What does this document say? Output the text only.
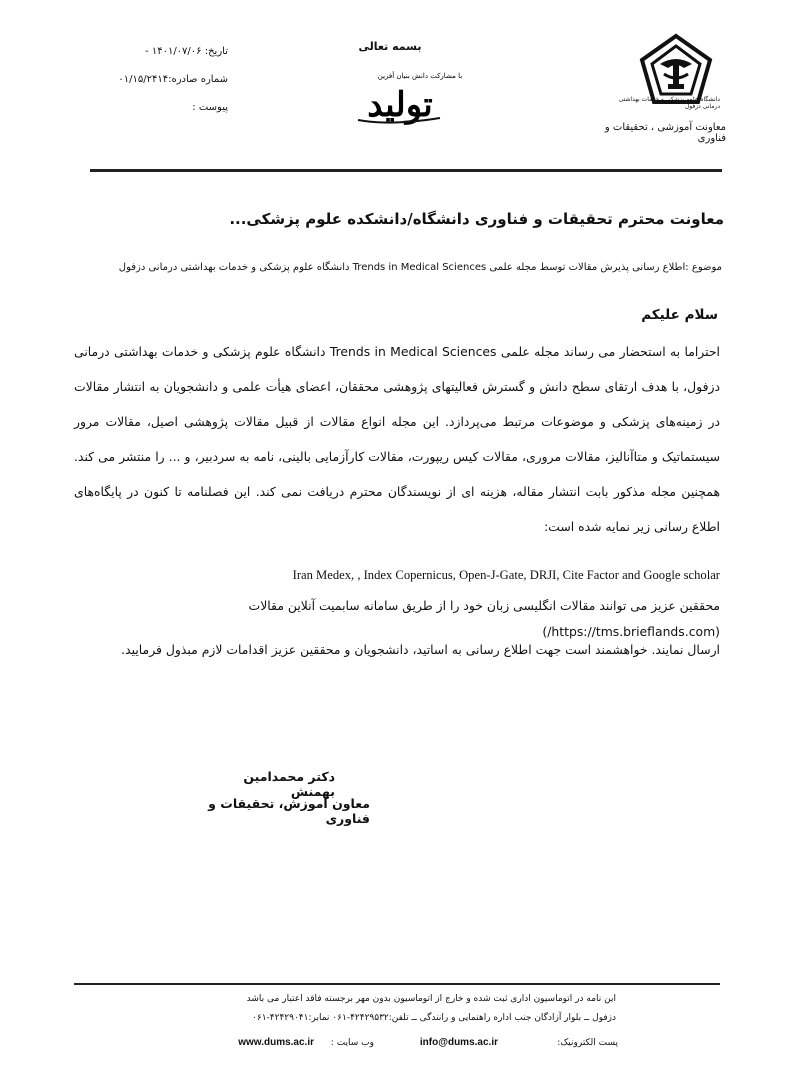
تاریخ: ۱۴۰۱/۰۷/۰۶ -
شماره صادره:۰۱/۱۵/۲۴۱۴
پیوست :
بسمه تعالی
با مشارکت دانش بنیان آفرین
تولید	دانشگاه علوم پزشکی و خدمات بهداشتی درمانی دزفول
معاونت آموزشی ، تحقیقات و فناوری
معاونت محترم تحقیقات و فناوری دانشگاه/دانشکده علوم پزشکی...
موضوع :اطلاع رسانی پذیرش مقالات توسط مجله علمی Trends in Medical Sciences دانشگاه علوم پزشکی و خدمات بهداشتی درمانی دزفول
سلام علیکم

احتراما به استحضار می رساند مجله علمی Trends in Medical Sciences دانشگاه علوم پزشکی و خدمات بهداشتی درمانی دزفول، با هدف ارتقای سطح دانش و گسترش فعالیتهای پژوهشی محققان، اعضای هیأت علمی و دانشجویان به انتشار مقالات در زمینه‌های پزشکی و موضوعات مرتبط می‌پردازد. این مجله انواع مقالات از قبیل مقالات پژوهشی اصیل، مقالات مرور سیستماتیک و متاآنالیز، مقالات مروری، مقالات کیس ریپورت، مقالات کارآزمایی بالینی، نامه به سردبیر، و ... را منتشر می کند. همچنین مجله مذکور بابت انتشار مقاله، هزینه ای از نویسندگان محترم دریافت نمی کند. این فصلنامه تا کنون در پایگاه‌های اطلاع رسانی زیر نمایه شده است:

Iran Medex, , Index Copernicus, Open-J-Gate, DRJI, Cite Factor and Google scholar
محققین عزیز می توانند مقالات انگلیسی زبان خود را از طریق سامانه سابمیت آنلاین مقالات (https://tms.brieflands.com/)
ارسال نمایند. خواهشمند است جهت اطلاع رسانی به اساتید، دانشجویان و محققین عزیز اقدامات لازم مبذول فرمایید.
دکتر محمدامین بهمنش
معاون آموزش، تحقیقات و فناوری
این نامه در اتوماسیون اداری ثبت شده و خارج از اتوماسیون بدون مهر برجسته فاقد اعتبار می باشد
دزفول ــ بلوار آزادگان جنب اداره راهنمایی و رانندگی ــ تلفن:۴۲۴۲۹۵۳۲-۰۶۱ نمابر:۴۲۴۲۹۰۴۱-۰۶۱
پست الکترونیک:
info@dums.ac.ir
وب سایت :
www.dums.ac.ir
